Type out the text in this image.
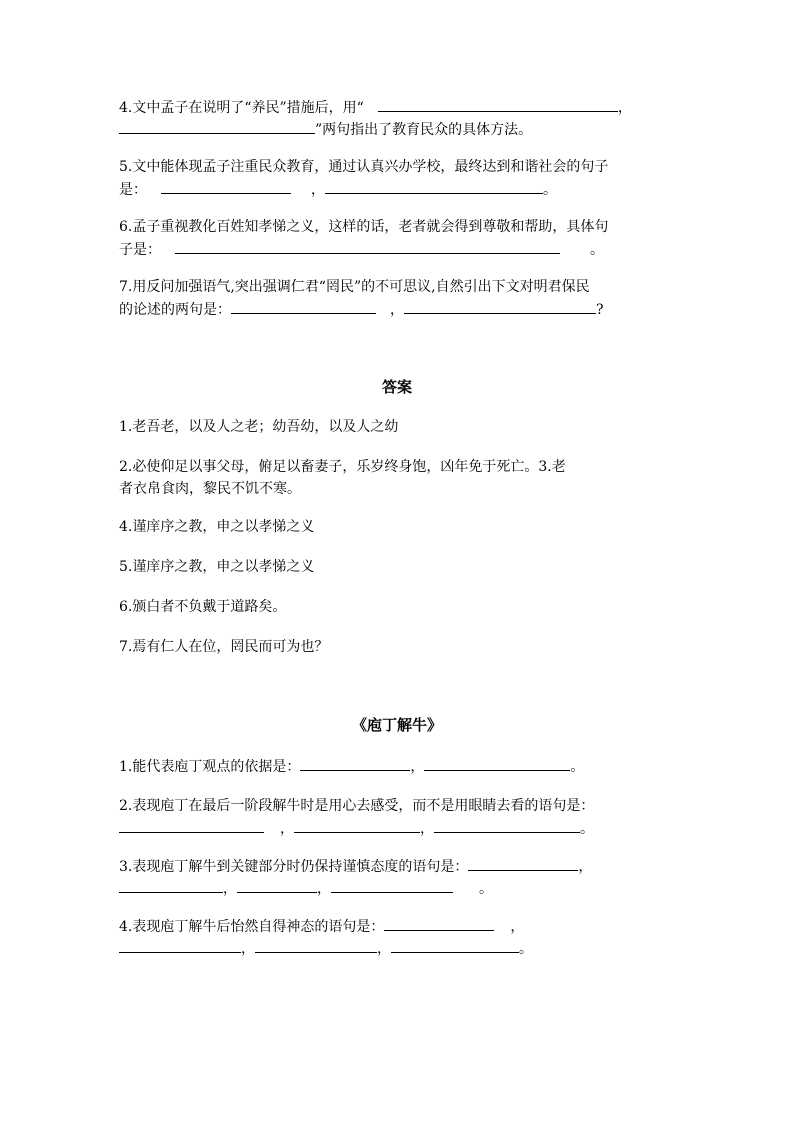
4.文中孟子在说明了“养民”措施后，用“	，
”两句指出了教育民众的具体方法。
5.文中能体现孟子注重民众教育，通过认真兴办学校，最终达到和谐社会的句子
是：	，	。
6.孟子重视教化百姓知孝悌之义，这样的话，老者就会得到尊敬和帮助，具体句
子是：	。
7.用反问加强语气,突出强调仁君“罔民”的不可思议,自然引出下文对明君保民
的论述的两句是：	，	?
答案
1.老吾老，以及人之老；幼吾幼，以及人之幼
2.必使仰足以事父母，俯足以畜妻子，乐岁终身饱，凶年免于死亡。3.老
者衣帛食肉，黎民不饥不寒。
4.谨庠序之教，申之以孝悌之义
5.谨庠序之教，申之以孝悌之义
6.颁白者不负戴于道路矣。
7.焉有仁人在位，罔民而可为也？
《庖丁解牛》
1.能代表庖丁观点的依据是：	，	。
2.表现庖丁在最后一阶段解牛时是用心去感受，而不是用眼睛去看的语句是：
，	，	。
3.表现庖丁解牛到关键部分时仍保持谨慎态度的语句是：	，
，	，	。
4.表现庖丁解牛后怡然自得神态的语句是：	，
，	，	。
